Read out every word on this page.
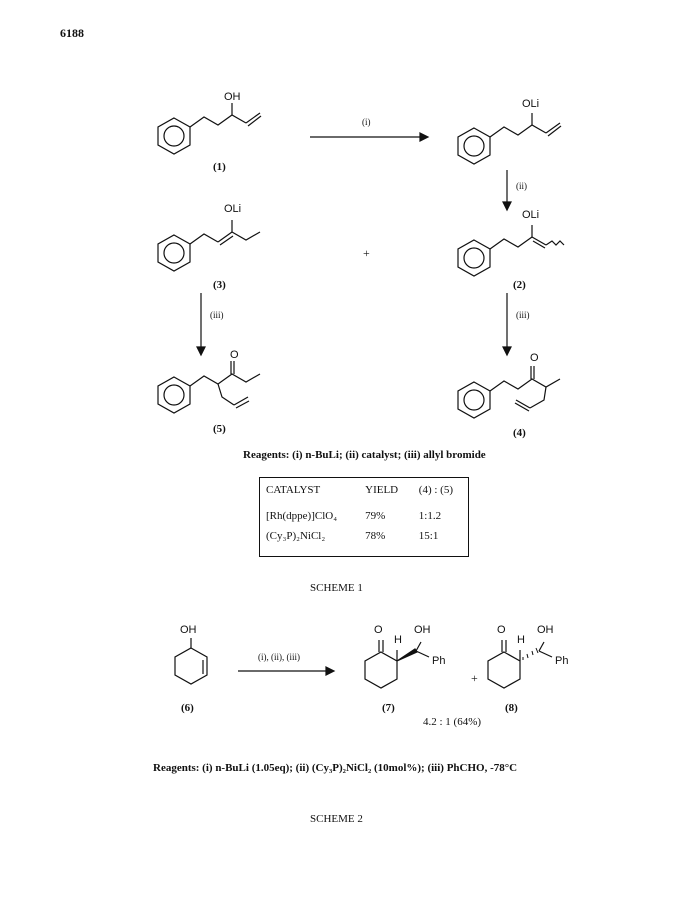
6188
OH
(1)
(i)
OLi
(ii)
OLi
(3)
+
OLi
(2)
(iii)	(iii)
O
(5)
O
(4)
Reagents: (i) n-BuLi; (ii) catalyst; (iii) allyl bromide
CATALYST	YIELD	(4) : (5)
[Rh(dppe)]ClO₄	79%	1:1.2
(Cy₃P)₂NiCl₂	78%	15:1
SCHEME 1
OH
(6)
(i), (ii), (iii)
O
H
OH
Ph
(7)
+
O
H
OH
Ph
(8)
4.2 : 1 (64%)
Reagents: (i) n-BuLi (1.05eq); (ii) (Cy₃P)₂NiCl₂ (10mol%); (iii) PhCHO, -78°C
SCHEME 2
